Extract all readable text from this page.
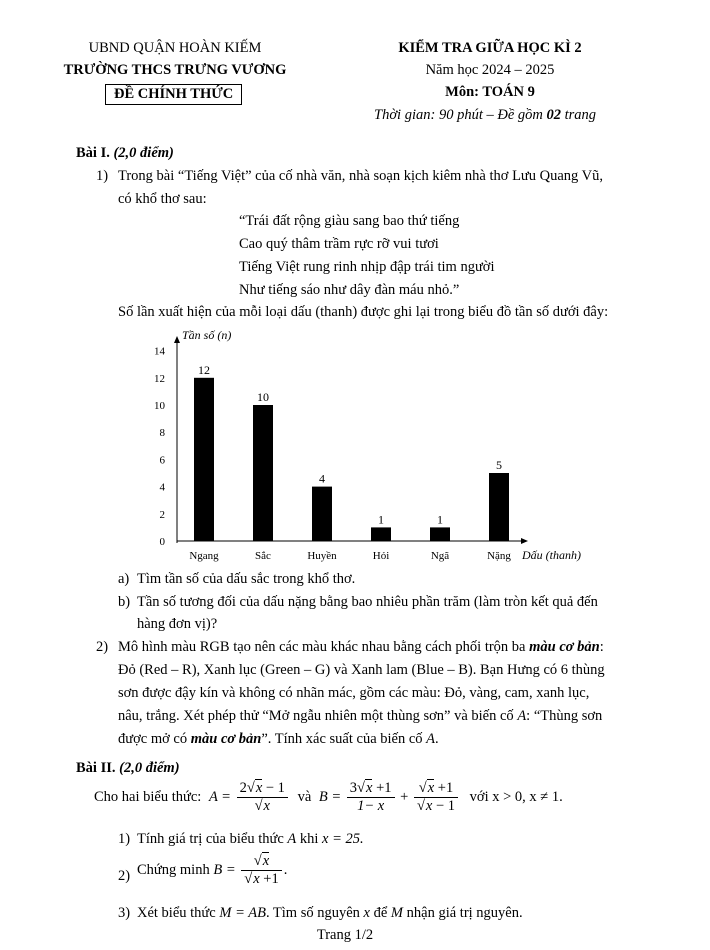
UBND QUẬN HOÀN KIẾM
TRƯỜNG THCS TRƯNG VƯƠNG
ĐỀ CHÍNH THỨC
KIỂM TRA GIỮA HỌC KÌ 2
Năm học 2024 – 2025
Môn: TOÁN 9
Thời gian: 90 phút – Đề gồm 02 trang
Bài I. (2,0 điểm)
1) Trong bài “Tiếng Việt” của cố nhà văn, nhà soạn kịch kiêm nhà thơ Lưu Quang Vũ,
có khổ thơ sau:
“Trái đất rộng giàu sang bao thứ tiếng
Cao quý thâm trầm rực rỡ vui tươi
Tiếng Việt rung rinh nhịp đập trái tim người
Như tiếng sáo như dây đàn máu nhỏ.”
Số lần xuất hiện của mỗi loại dấu (thanh) được ghi lại trong biểu đồ tần số dưới đây:
Tần số (n)
Dấu (thanh)
0
2
4
6
8
10
12
14
12
Ngang
10
Sắc
4
Huyền
1
Hỏi
1
Ngã
5
Nặng
a) Tìm tần số của dấu sắc trong khổ thơ.
b) Tần số tương đối của dấu nặng bằng bao nhiêu phần trăm (làm tròn kết quả đến
hàng đơn vị)?
2) Mô hình màu RGB tạo nên các màu khác nhau bằng cách phối trộn ba màu cơ bản:
Đỏ (Red – R), Xanh lục (Green – G) và Xanh lam (Blue – B). Bạn Hưng có 6 thùng
sơn được đậy kín và không có nhãn mác, gồm các màu: Đỏ, vàng, cam, xanh lục,
nâu, trắng. Xét phép thử “Mở ngẫu nhiên một thùng sơn” và biến cố A: “Thùng sơn
được mở có màu cơ bản”. Tính xác suất của biến cố A.
Bài II. (2,0 điểm)
Cho hai biểu thức: $A = \frac{2√x - 1}{√x}$ và $B = \frac{3√x +1}{1- x} + \frac{√x +1}{√x - 1}$ với x > 0, x ≠ 1.
1) Tính giá trị của biểu thức A khi x = 25.
2) Chứng minh $B = \frac{√x}{√x +1}$ .
3) Xét biểu thức M = AB. Tìm số nguyên x để M nhận giá trị nguyên.
Trang 1/2
